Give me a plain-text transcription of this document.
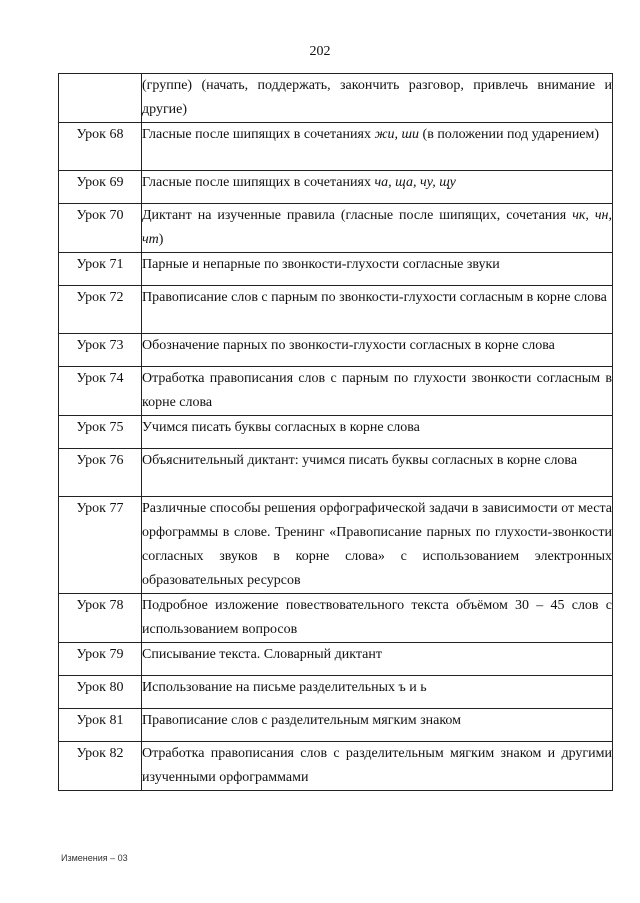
202
	(группе) (начать, поддержать, закончить разговор, привлечь внимание и другие)
Урок 68	Гласные после шипящих в сочетаниях жи, ши (в положении под ударением)
Урок 69	Гласные после шипящих в сочетаниях ча, ща, чу, щу
Урок 70	Диктант на изученные правила (гласные после шипящих, сочетания чк, чн, чт)
Урок 71	Парные и непарные по звонкости-глухости согласные звуки
Урок 72	Правописание слов с парным по звонкости-глухости согласным в корне слова
Урок 73	Обозначение парных по звонкости-глухости согласных в корне слова
Урок 74	Отработка правописания слов с парным по глухости звонкости согласным в корне слова
Урок 75	Учимся писать буквы согласных в корне слова
Урок 76	Объяснительный диктант: учимся писать буквы согласных в корне слова
Урок 77	Различные способы решения орфографической задачи в зависимости от места орфограммы в слове. Тренинг «Правописание парных по глухости-звонкости согласных звуков в корне слова» с использованием электронных образовательных ресурсов
Урок 78	Подробное изложение повествовательного текста объёмом 30 – 45 слов с использованием вопросов
Урок 79	Списывание текста. Словарный диктант
Урок 80	Использование на письме разделительных ъ и ь
Урок 81	Правописание слов с разделительным мягким знаком
Урок 82	Отработка правописания слов с разделительным мягким знаком и другими изученными орфограммами
Изменения – 03
